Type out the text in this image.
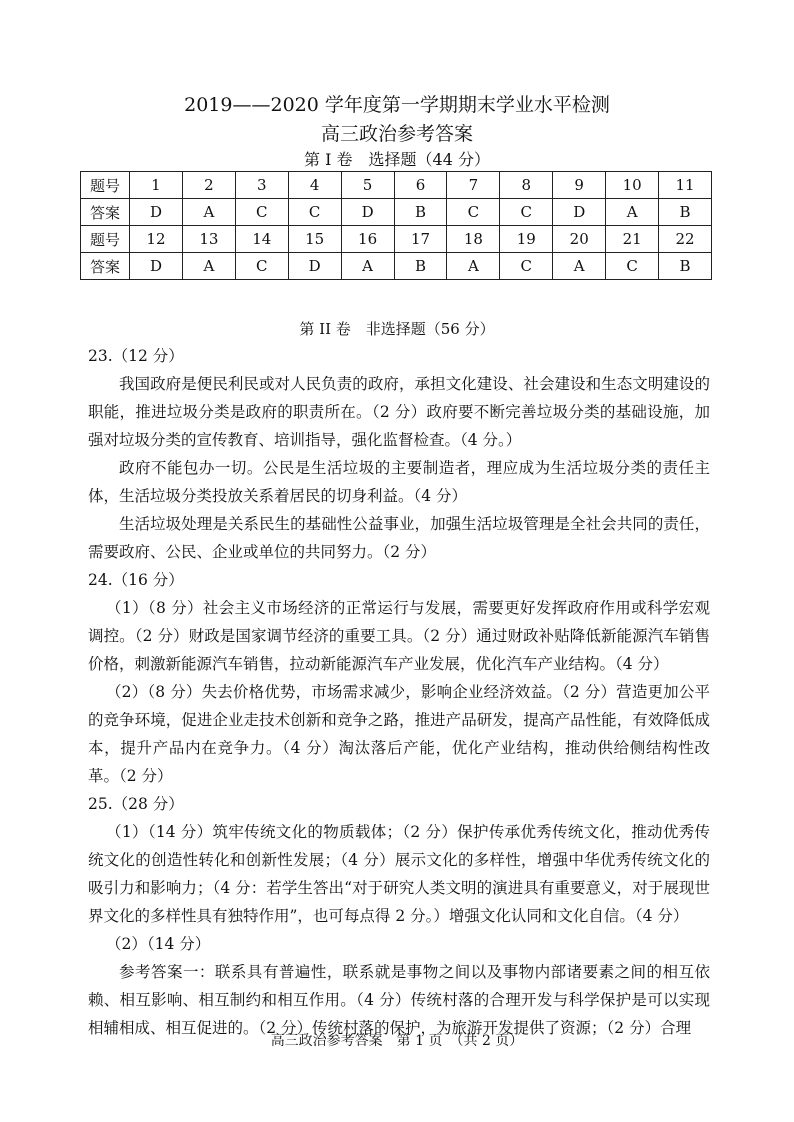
2019——2020 学年度第一学期期末学业水平检测
高三政治参考答案
第 I 卷　选择题（44 分）
题号	1	2	3	4	5	6	7	8	9	10	11
答案	D	A	C	C	D	B	C	C	D	A	B
题号	12	13	14	15	16	17	18	19	20	21	22
答案	D	A	C	D	A	B	A	C	A	C	B
第 II 卷　非选择题（56 分）

23.（12 分）

我国政府是便民利民或对人民负责的政府，承担文化建设、社会建设和生态文明建设的职能，推进垃圾分类是政府的职责所在。（2 分）政府要不断完善垃圾分类的基础设施，加强对垃圾分类的宣传教育、培训指导，强化监督检查。（4 分。）

政府不能包办一切。公民是生活垃圾的主要制造者，理应成为生活垃圾分类的责任主体，生活垃圾分类投放关系着居民的切身利益。（4 分）

生活垃圾处理是关系民生的基础性公益事业，加强生活垃圾管理是全社会共同的责任，需要政府、公民、企业或单位的共同努力。（2 分）

24.（16 分）

（1）（8 分）社会主义市场经济的正常运行与发展，需要更好发挥政府作用或科学宏观调控。（2 分）财政是国家调节经济的重要工具。（2 分）通过财政补贴降低新能源汽车销售价格，刺激新能源汽车销售，拉动新能源汽车产业发展，优化汽车产业结构。（4 分）

（2）（8 分）失去价格优势，市场需求减少，影响企业经济效益。（2 分）营造更加公平的竞争环境，促进企业走技术创新和竞争之路，推进产品研发，提高产品性能，有效降低成本，提升产品内在竞争力。（4 分）淘汰落后产能，优化产业结构，推动供给侧结构性改革。（2 分）

25.（28 分）

（1）（14 分）筑牢传统文化的物质载体；（2 分）保护传承优秀传统文化，推动优秀传统文化的创造性转化和创新性发展；（4 分）展示文化的多样性，增强中华优秀传统文化的吸引力和影响力；（4 分：若学生答出“对于研究人类文明的演进具有重要意义，对于展现世界文化的多样性具有独特作用”，也可每点得 2 分。）增强文化认同和文化自信。（4 分）

（2）（14 分）

参考答案一：联系具有普遍性，联系就是事物之间以及事物内部诸要素之间的相互依赖、相互影响、相互制约和相互作用。（4 分）传统村落的合理开发与科学保护是可以实现相辅相成、相互促进的。（2 分）传统村落的保护，为旅游开发提供了资源；（2 分）合理

高三政治参考答案　第 1 页　（共 2 页）
